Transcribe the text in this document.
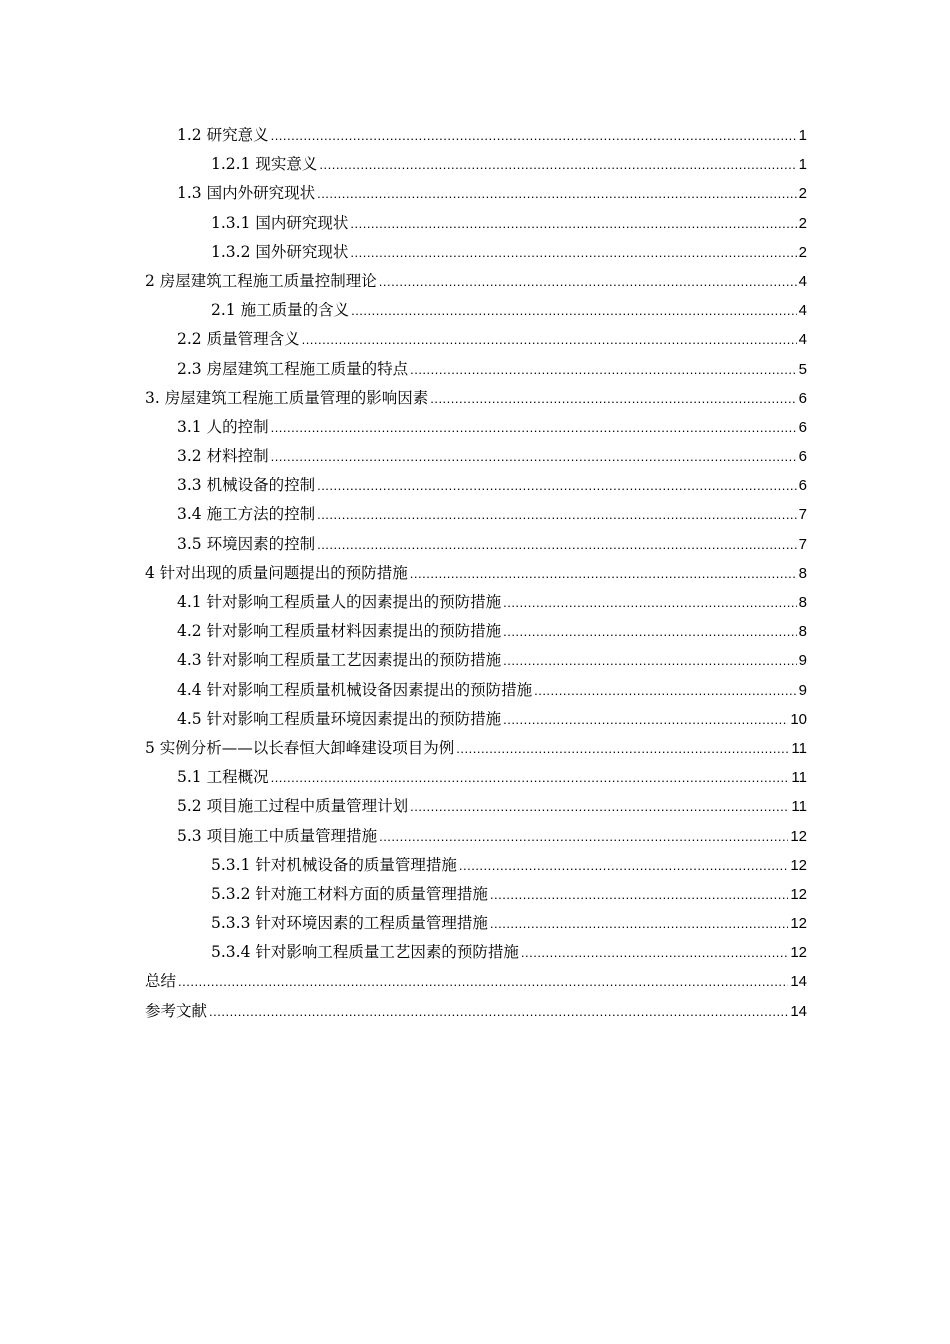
1.2 研究意义 .....	1
1.2.1 现实意义 .....	1
1.3 国内外研究现状 .....	2
1.3.1 国内研究现状 .....	2
1.3.2 国外研究现状 .....	2
2 房屋建筑工程施工质量控制理论 .....	4
2.1 施工质量的含义 .....	4
2.2 质量管理含义 .....	4
2.3 房屋建筑工程施工质量的特点 .....	5
3. 房屋建筑工程施工质量管理的影响因素 .....	6
3.1 人的控制 .....	6
3.2 材料控制 .....	6
3.3 机械设备的控制 .....	6
3.4 施工方法的控制 .....	7
3.5 环境因素的控制 .....	7
4 针对出现的质量问题提出的预防措施 .....	8
4.1 针对影响工程质量人的因素提出的预防措施 .....	8
4.2 针对影响工程质量材料因素提出的预防措施 .....	8
4.3 针对影响工程质量工艺因素提出的预防措施 .....	9
4.4 针对影响工程质量机械设备因素提出的预防措施 .....	9
4.5 针对影响工程质量环境因素提出的预防措施 .....	10
5 实例分析——以长春恒大卸峰建设项目为例 .....	11
5.1 工程概况 .....	11
5.2 项目施工过程中质量管理计划 .....	11
5.3 项目施工中质量管理措施 .....	12
5.3.1 针对机械设备的质量管理措施 .....	12
5.3.2 针对施工材料方面的质量管理措施 .....	12
5.3.3 针对环境因素的工程质量管理措施 .....	12
5.3.4 针对影响工程质量工艺因素的预防措施 .....	12
总结 .....	14
参考文献 .....	14
